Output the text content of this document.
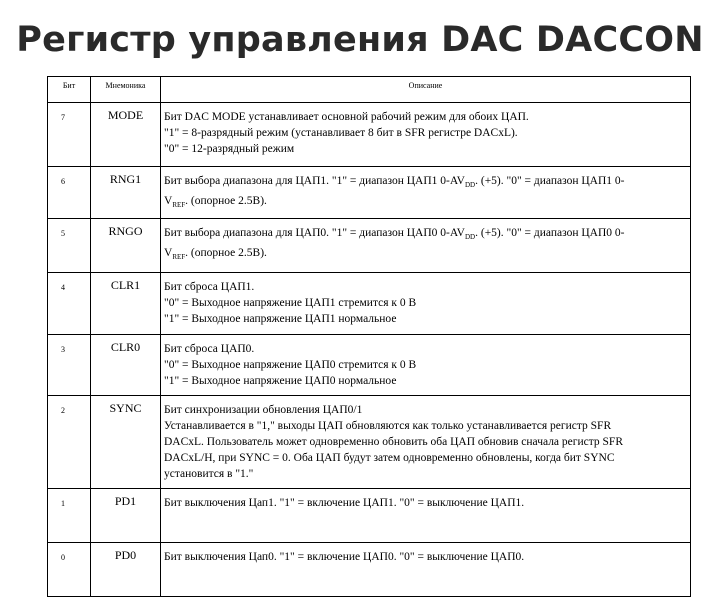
Регистр управления DAC DACCON
Бит	Мнемоника	Описание
7	MODE	Бит DAC MODE устанавливает основной рабочий режим для обоих ЦАП.
"1" = 8-разрядный режим (устанавливает 8 бит в SFR регистре DACxL).
"0" = 12-разрядный режим

6	RNG1	Бит выбора диапазона для ЦАП1. "1" = диапазон ЦАП1 $0-AV_{DD}$. (+5). "0" = диапазон ЦАП1 0-
$V_{REF}$. (опорное 2.5В).

5	RNGO	Бит выбора диапазона для ЦАП0. "1" = диапазон ЦАП0 $0-AV_{DD}$. (+5). "0" = диапазон ЦАП0 0-
$V_{REF}$. (опорное 2.5В).

4	CLR1	Бит сброса ЦАП1.
"0" = Выходное напряжение ЦАП1 стремится к 0 В
"1" = Выходное напряжение ЦАП1 нормальное

3	CLR0	Бит сброса ЦАП0.
"0" = Выходное напряжение ЦАП0 стремится к 0 В
"1" = Выходное напряжение ЦАП0 нормальное

2	SYNC	Бит синхронизации обновления ЦАП0/1
Устанавливается в "1," выходы ЦАП обновляются как только устанавливается регистр SFR
DACxL. Пользователь может одновременно обновить оба ЦАП обновив сначала регистр SFR
DACxL/H, при SYNC = 0. Оба ЦАП будут затем одновременно обновлены, когда бит SYNC
установится в "1."

1	PD1	Бит выключения Цап1. "1" = включение ЦАП1. "0" = выключение ЦАП1.

0	PD0	Бит выключения Цап0. "1" = включение ЦАП0. "0" = выключение ЦАП0.
